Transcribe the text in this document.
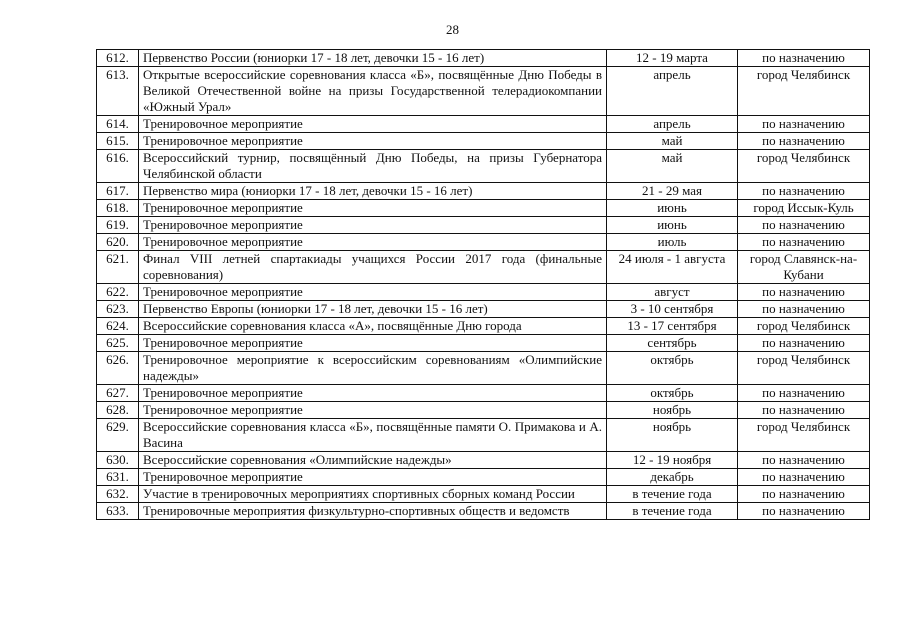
28
612.	Первенство России (юниорки 17 - 18 лет, девочки 15 - 16 лет)	12 - 19 марта	по назначению
613.	Открытые всероссийские соревнования класса «Б», посвящённые Дню Победы в Великой Отечественной войне на призы Государственной телерадиокомпании «Южный Урал»	апрель	город Челябинск
614.	Тренировочное мероприятие	апрель	по назначению
615.	Тренировочное мероприятие	май	по назначению
616.	Всероссийский турнир, посвящённый Дню Победы, на призы Губернатора Челябинской области	май	город Челябинск
617.	Первенство мира (юниорки 17 - 18 лет, девочки 15 - 16 лет)	21 - 29 мая	по назначению
618.	Тренировочное мероприятие	июнь	город Иссык-Куль
619.	Тренировочное мероприятие	июнь	по назначению
620.	Тренировочное мероприятие	июль	по назначению
621.	Финал VIII летней спартакиады учащихся России 2017 года (финальные соревнования)	24 июля - 1 августа	город Славянск-на-Кубани
622.	Тренировочное мероприятие	август	по назначению
623.	Первенство Европы (юниорки 17 - 18 лет, девочки 15 - 16 лет)	3 - 10 сентября	по назначению
624.	Всероссийские соревнования класса «А», посвящённые Дню города	13 - 17 сентября	город Челябинск
625.	Тренировочное мероприятие	сентябрь	по назначению
626.	Тренировочное мероприятие к всероссийским соревнованиям «Олимпийские надежды»	октябрь	город Челябинск
627.	Тренировочное мероприятие	октябрь	по назначению
628.	Тренировочное мероприятие	ноябрь	по назначению
629.	Всероссийские соревнования класса «Б», посвящённые памяти О. Примакова и А. Васина	ноябрь	город Челябинск
630.	Всероссийские соревнования «Олимпийские надежды»	12 - 19 ноября	по назначению
631.	Тренировочное мероприятие	декабрь	по назначению
632.	Участие в тренировочных мероприятиях спортивных сборных команд России	в течение года	по назначению
633.	Тренировочные мероприятия физкультурно-спортивных обществ и ведомств	в течение года	по назначению
